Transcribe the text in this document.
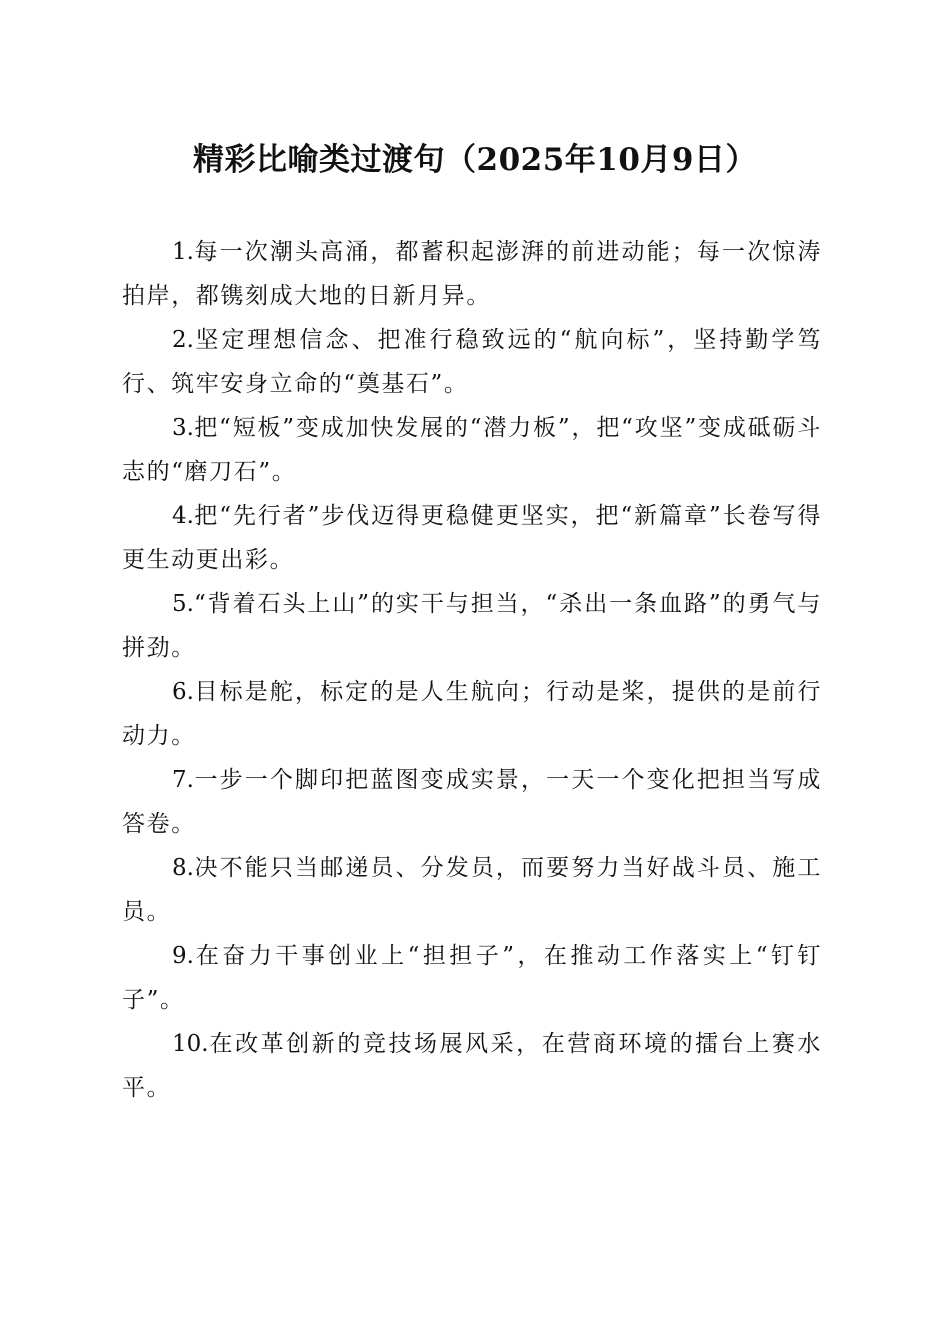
精彩比喻类过渡句（2025年10月9日）

1.每一次潮头高涌，都蓄积起澎湃的前进动能；每一次惊涛拍岸，都镌刻成大地的日新月异。

2.坚定理想信念、把准行稳致远的“航向标”，坚持勤学笃行、筑牢安身立命的“奠基石”。

3.把“短板”变成加快发展的“潜力板”，把“攻坚”变成砥砺斗志的“磨刀石”。

4.把“先行者”步伐迈得更稳健更坚实，把“新篇章”长卷写得更生动更出彩。

5.“背着石头上山”的实干与担当，“杀出一条血路”的勇气与拼劲。

6.目标是舵，标定的是人生航向；行动是桨，提供的是前行动力。

7.一步一个脚印把蓝图变成实景，一天一个变化把担当写成答卷。

8.决不能只当邮递员、分发员，而要努力当好战斗员、施工员。

9.在奋力干事创业上“担担子”，在推动工作落实上“钉钉子”。

10.在改革创新的竞技场展风采，在营商环境的擂台上赛水平。
